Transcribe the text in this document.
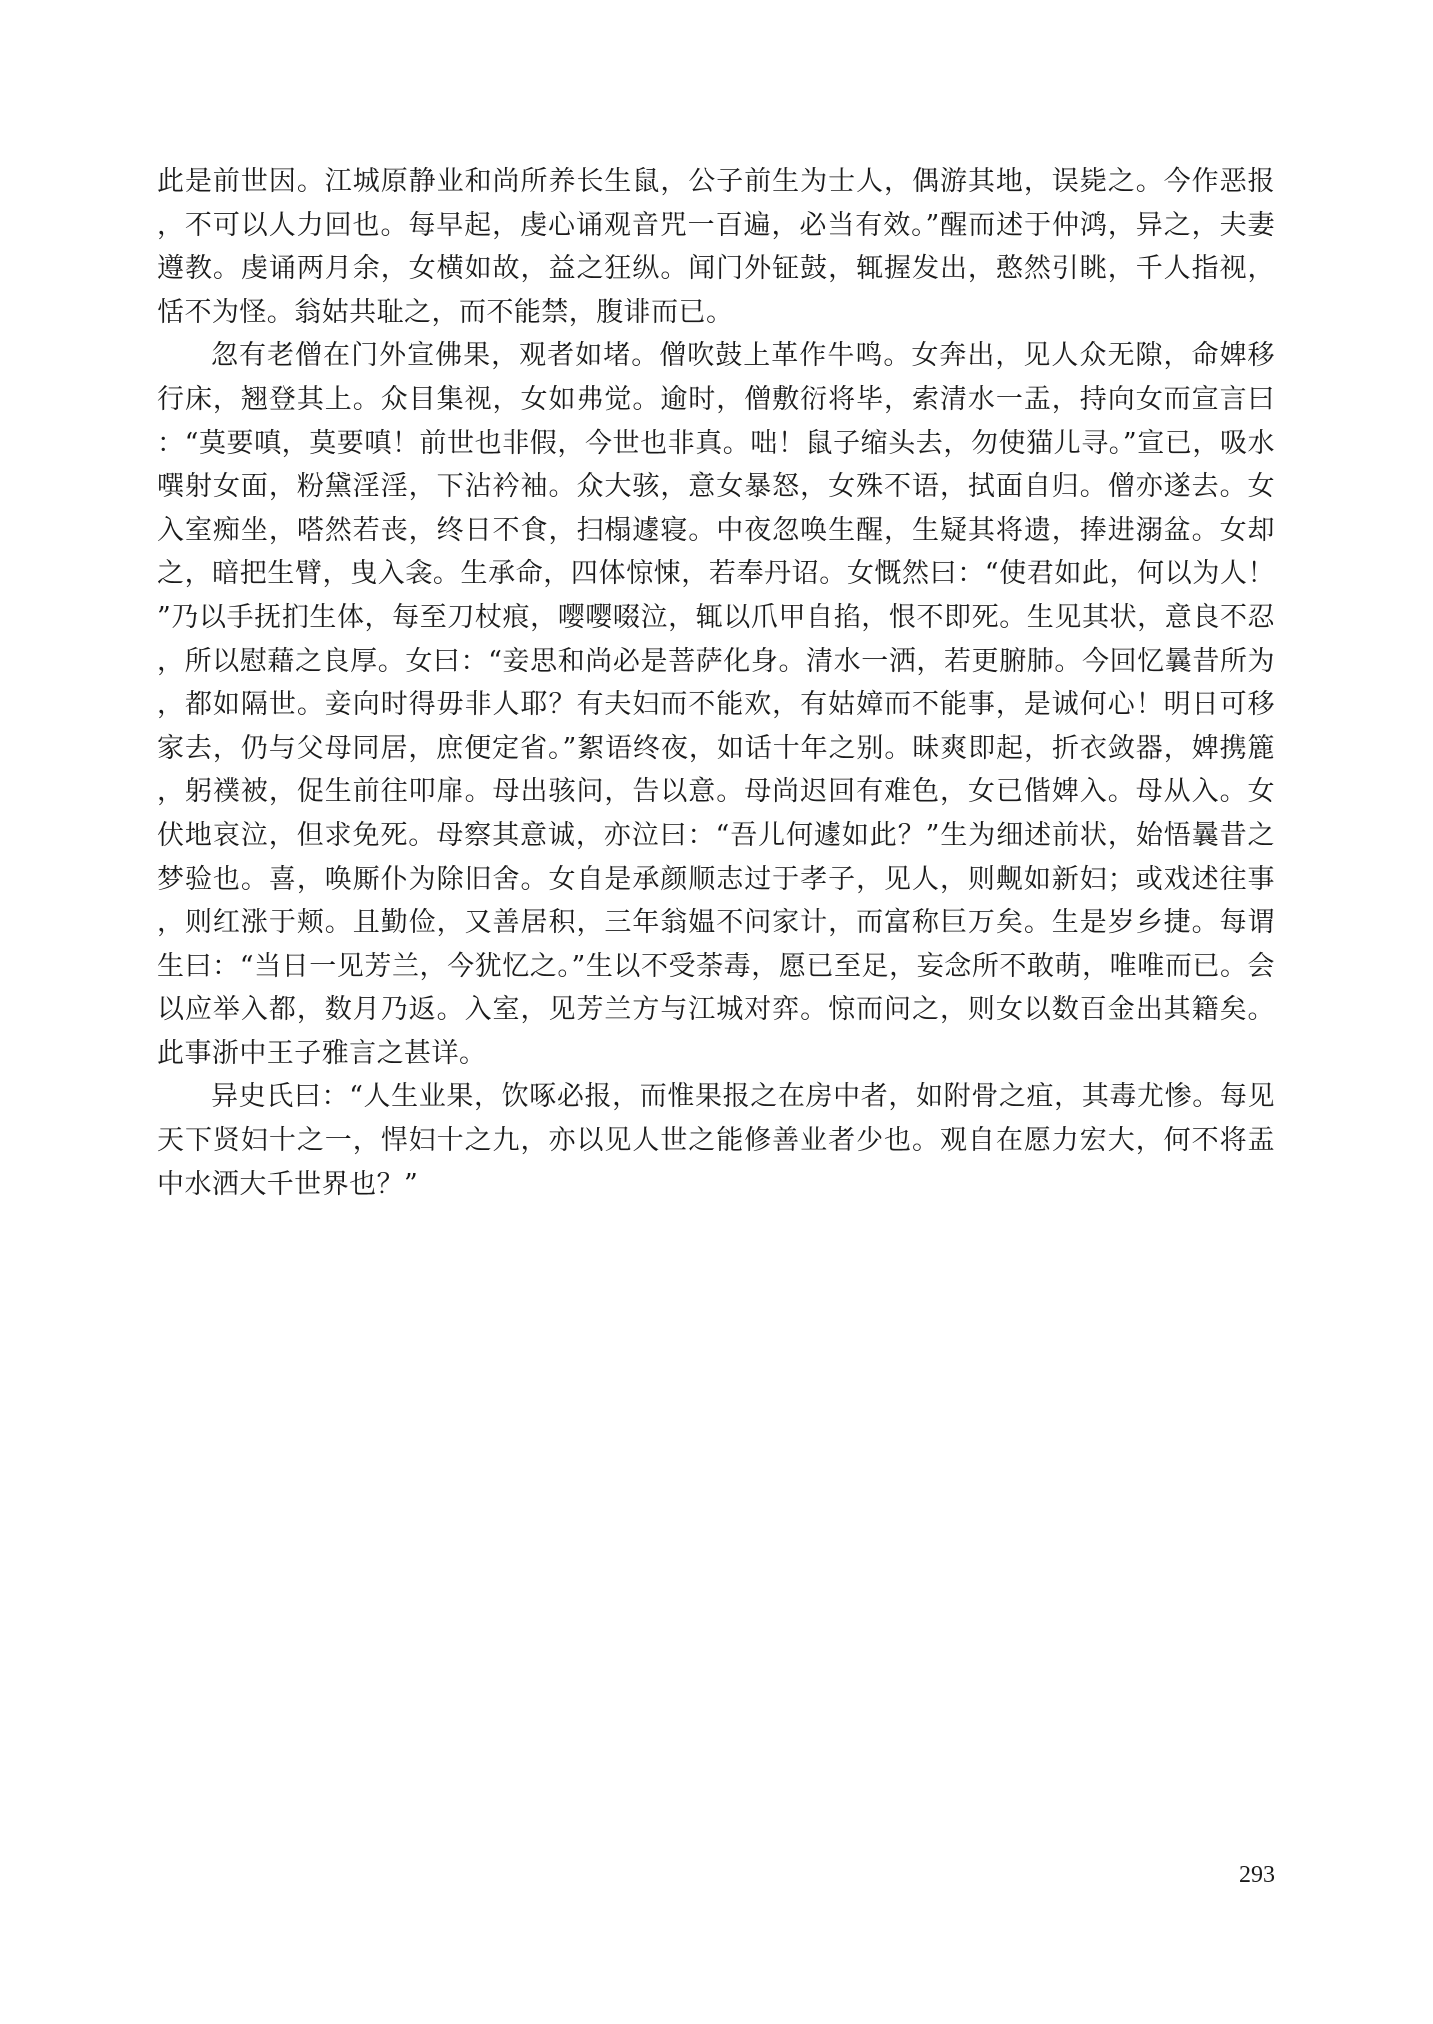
此是前世因。江城原静业和尚所养长生鼠，公子前生为士人，偶游其地，误毙之。今作恶报，不可以人力回也。每早起，虔心诵观音咒一百遍，必当有效。”醒而述于仲鸿，异之，夫妻遵教。虔诵两月余，女横如故，益之狂纵。闻门外钲鼓，辄握发出，憨然引眺，千人指视，恬不为怪。翁姑共耻之，而不能禁，腹诽而已。

忽有老僧在门外宣佛果，观者如堵。僧吹鼓上革作牛鸣。女奔出，见人众无隙，命婢移行床，翘登其上。众目集视，女如弗觉。逾时，僧敷衍将毕，索清水一盂，持向女而宣言曰：“莫要嗔，莫要嗔！前世也非假，今世也非真。咄！鼠子缩头去，勿使猫儿寻。”宣已，吸水噀射女面，粉黛淫淫，下沾衿袖。众大骇，意女暴怒，女殊不语，拭面自归。僧亦遂去。女入室痴坐，嗒然若丧，终日不食，扫榻遽寝。中夜忽唤生醒，生疑其将遗，捧进溺盆。女却之，暗把生臂，曳入衾。生承命，四体惊悚，若奉丹诏。女慨然曰：“使君如此，何以为人！”乃以手抚扪生体，每至刀杖痕，嘤嘤啜泣，辄以爪甲自掐，恨不即死。生见其状，意良不忍，所以慰藉之良厚。女曰：“妾思和尚必是菩萨化身。清水一洒，若更腑肺。今回忆曩昔所为，都如隔世。妾向时得毋非人耶？有夫妇而不能欢，有姑嫜而不能事，是诚何心！明日可移家去，仍与父母同居，庶便定省。”絮语终夜，如话十年之别。昧爽即起，折衣敛器，婢携簏，躬襆被，促生前往叩扉。母出骇问，告以意。母尚迟回有难色，女已偕婢入。母从入。女伏地哀泣，但求免死。母察其意诚，亦泣曰：“吾儿何遽如此？”生为细述前状，始悟曩昔之梦验也。喜，唤厮仆为除旧舍。女自是承颜顺志过于孝子，见人，则觍如新妇；或戏述往事，则红涨于颊。且勤俭，又善居积，三年翁媪不问家计，而富称巨万矣。生是岁乡捷。每谓生曰：“当日一见芳兰，今犹忆之。”生以不受荼毒，愿已至足，妄念所不敢萌，唯唯而已。会以应举入都，数月乃返。入室，见芳兰方与江城对弈。惊而问之，则女以数百金出其籍矣。此事浙中王子雅言之甚详。

异史氏曰：“人生业果，饮啄必报，而惟果报之在房中者，如附骨之疽，其毒尤惨。每见天下贤妇十之一，悍妇十之九，亦以见人世之能修善业者少也。观自在愿力宏大，何不将盂中水洒大千世界也？”

293
